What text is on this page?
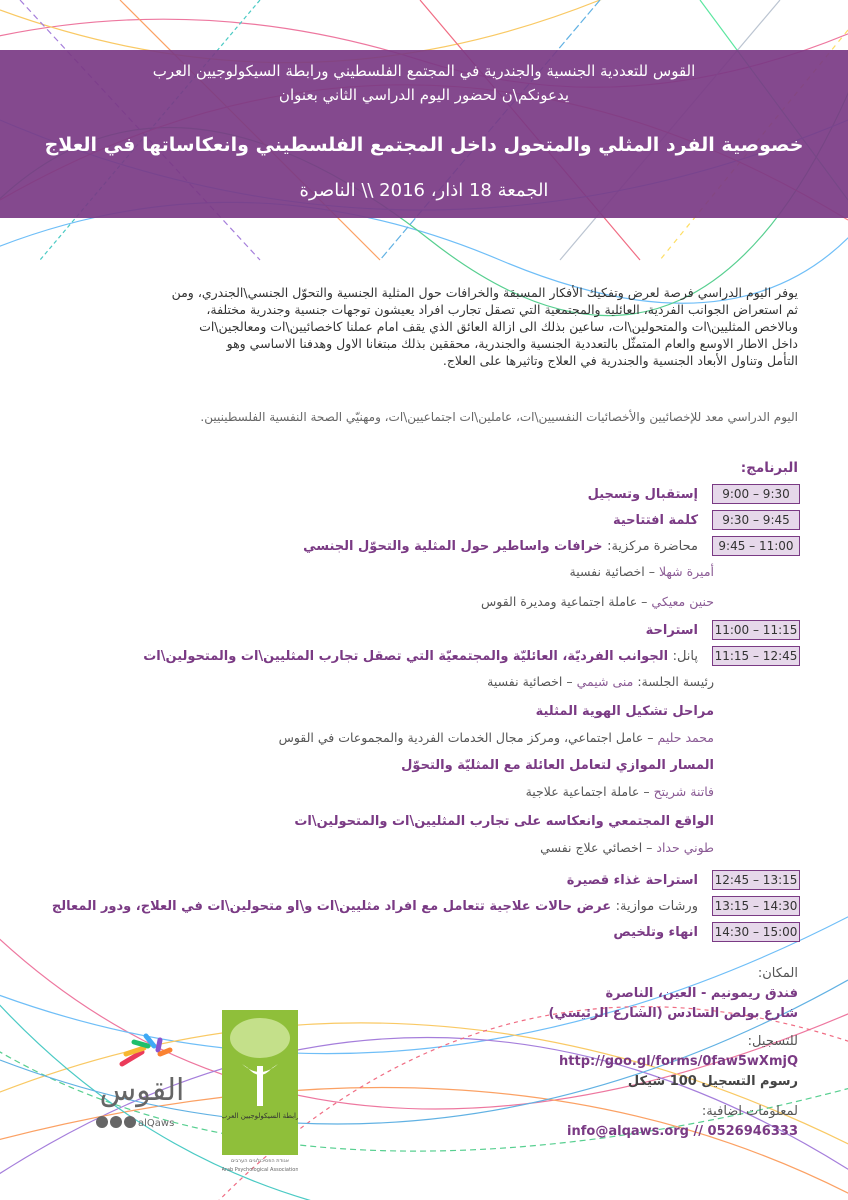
القوس للتعددية الجنسية والجندرية في المجتمع الفلسطيني ورابطة السيكولوجيين العرب
يدعونكم\ن لحضور اليوم الدراسي الثاني بعنوان
خصوصية الفرد المثلي والمتحول داخل المجتمع الفلسطيني وانعكاساتها في العلاج
الجمعة 18 اذار، 2016 \\ الناصرة

يوفر اليوم الدراسي فرصة لعرض وتفكيك الأفكار المسبقة والخرافات حول المثلية الجنسية والتحوّل الجنسي\الجندري، ومن

ثم استعراض الجوانب الفردية، العائلية والمجتمعية التي تصقل تجارب افراد يعيشون توجهات جنسية وجندرية مختلفة،

وبالاخص المثليين\ات والمتحولين\ات، ساعين بذلك الى ازالة العائق الذي يقف امام عملنا كاخصائيين\ات ومعالجين\ات

داخل الاطار الاوسع والعام المتمثّل بالتعددية الجنسية والجندرية، محققين بذلك مبتغانا الاول وهدفنا الاساسي وهو

التأمل وتناول الأبعاد الجنسية والجندرية في العلاج وتاثيرها على العلاج.

اليوم الدراسي معد للإخصائيين والأخصائيات النفسيين\ات، عاملين\ات اجتماعيين\ات، ومهنيّي الصحة النفسية الفلسطينيين.
البرنامج:
9:00 – 9:30
إستقبال وتسجيل
9:30 – 9:45
كلمة افتتاحية
9:45 – 11:00
محاضرة مركزية: خرافات واساطير حول المثلية والتحوّل الجنسي
أميرة شهلا – اخصائية نفسية
حنين معيكي – عاملة اجتماعية ومديرة القوس
11:00 – 11:15
استراحة
11:15 – 12:45
پانل: الجوانب الفرديّة، العائليّة والمجتمعيّة التي تصقل تجارب المثليين\ات والمتحولين\ات
رئيسة الجلسة: منى شيمي – اخصائية نفسية
مراحل تشكيل الهوية المثلية
محمد حليم – عامل اجتماعي، ومركز مجال الخدمات الفردية والمجموعات في القوس
المسار الموازي لتعامل العائلة مع المثليّة والتحوّل
فاتنة شريتح – عاملة اجتماعية علاجية
الواقع المجتمعي وانعكاسه على تجارب المثليين\ات والمتحولين\ات
طوني حداد – اخصائي علاج نفسي
12:45 – 13:15
استراحة غذاء قصيرة
13:15 – 14:30
ورشات موازية: عرض حالات علاجية تتعامل مع افراد مثليين\ات و\او متحولين\ات في العلاج، ودور المعالج
14:30 – 15:00
انهاء وتلخيص
المكان:
فندق ريمونيم - العين، الناصرة
شارع بولص السادس (الشارع الرئيسي)
للتسجيل:
http://goo.gl/forms/0faw5wXmjQ
رسوم التسجيل 100 شيكل
لمعلومات اضافية:
info@alqaws.org // 0526946333
القوس
alQaws
رابطة السيكولوجيين العرب
אגודת הפסיכולוגים הערבים
Arab Psychological Association
